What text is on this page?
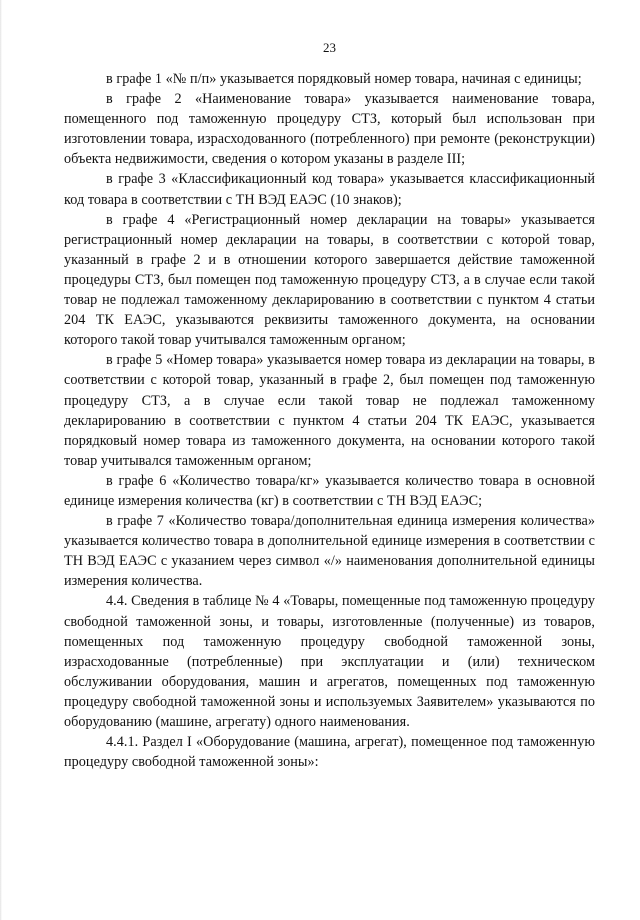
23

в графе 1 «№ п/п» указывается порядковый номер товара, начиная с единицы;

в графе 2 «Наименование товара» указывается наименование товара, помещенного под таможенную процедуру СТЗ, который был использован при изготовлении товара, израсходованного (потребленного) при ремонте (реконструкции) объекта недвижимости, сведения о котором указаны в разделе III;

в графе 3 «Классификационный код товара» указывается классификационный код товара в соответствии с ТН ВЭД ЕАЭС (10 знаков);

в графе 4 «Регистрационный номер декларации на товары» указывается регистрационный номер декларации на товары, в соответствии с которой товар, указанный в графе 2 и в отношении которого завершается действие таможенной процедуры СТЗ, был помещен под таможенную процедуру СТЗ, а в случае если такой товар не подлежал таможенному декларированию в соответствии с пунктом 4 статьи 204 ТК ЕАЭС, указываются реквизиты таможенного документа, на основании которого такой товар учитывался таможенным органом;

в графе 5 «Номер товара» указывается номер товара из декларации на товары, в соответствии с которой товар, указанный в графе 2, был помещен под таможенную процедуру СТЗ, а в случае если такой товар не подлежал таможенному декларированию в соответствии с пунктом 4 статьи 204 ТК ЕАЭС, указывается порядковый номер товара из таможенного документа, на основании которого такой товар учитывался таможенным органом;

в графе 6 «Количество товара/кг» указывается количество товара в основной единице измерения количества (кг) в соответствии с ТН ВЭД ЕАЭС;

в графе 7 «Количество товара/дополнительная единица измерения количества» указывается количество товара в дополнительной единице измерения в соответствии с ТН ВЭД ЕАЭС с указанием через символ «/» наименования дополнительной единицы измерения количества.

4.4. Сведения в таблице № 4 «Товары, помещенные под таможенную процедуру свободной таможенной зоны, и товары, изготовленные (полученные) из товаров, помещенных под таможенную процедуру свободной таможенной зоны, израсходованные (потребленные) при эксплуатации и (или) техническом обслуживании оборудования, машин и агрегатов, помещенных под таможенную процедуру свободной таможенной зоны и используемых Заявителем» указываются по оборудованию (машине, агрегату) одного наименования.

4.4.1. Раздел I «Оборудование (машина, агрегат), помещенное под таможенную процедуру свободной таможенной зоны»:
